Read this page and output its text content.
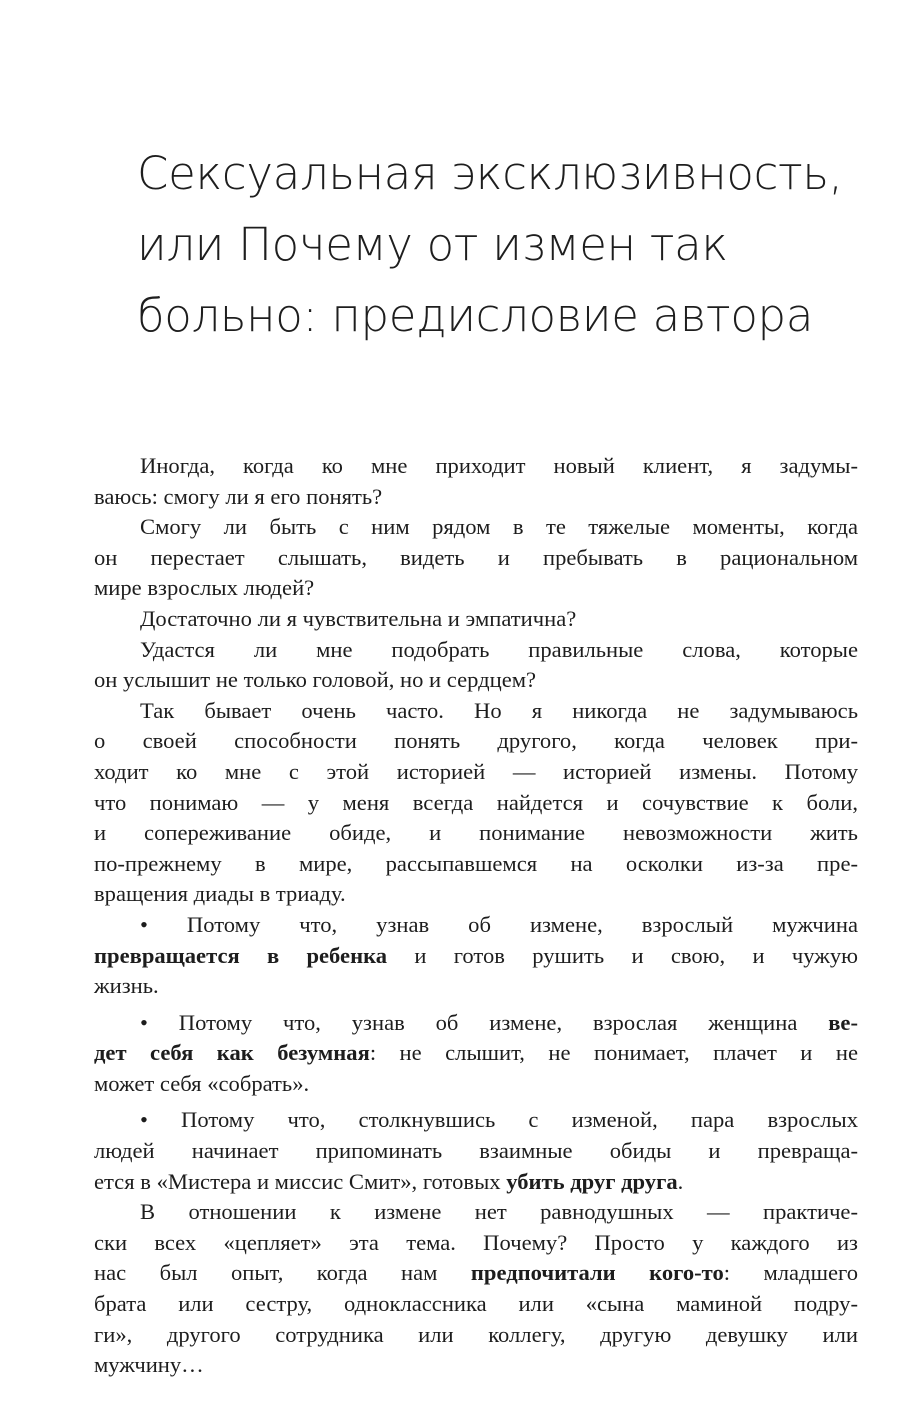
Сексуальная эксклюзивность,
или Почему от измен так
больно: предисловие автора
Иногда, когда ко мне приходит новый клиент, я задумы-
ваюсь: смогу ли я его понять?
Смогу ли быть с ним рядом в те тяжелые моменты, когда
он перестает слышать, видеть и пребывать в рациональном
мире взрослых людей?
Достаточно ли я чувствительна и эмпатична?
Удастся ли мне подобрать правильные слова, которые
он услышит не только головой, но и сердцем?
Так бывает очень часто. Но я никогда не задумываюсь
о своей способности понять другого, когда человек при-
ходит ко мне с этой историей — историей измены. Потому
что понимаю — у меня всегда найдется и сочувствие к боли,
и сопереживание обиде, и понимание невозможности жить
по-прежнему в мире, рассыпавшемся на осколки из-за пре-
вращения диады в триаду.
• Потому что, узнав об измене, взрослый мужчина
превращается в ребенка и готов рушить и свою, и чужую
жизнь.
• Потому что, узнав об измене, взрослая женщина ве-
дет себя как безумная: не слышит, не понимает, плачет и не
может себя «собрать».
• Потому что, столкнувшись с изменой, пара взрослых
людей начинает припоминать взаимные обиды и превраща-
ется в «Мистера и миссис Смит», готовых убить друг друга.
В отношении к измене нет равнодушных — практиче-
ски всех «цепляет» эта тема. Почему? Просто у каждого из
нас был опыт, когда нам предпочитали кого-то: младшего
брата или сестру, одноклассника или «сына маминой подру-
ги», другого сотрудника или коллегу, другую девушку или
мужчину…
